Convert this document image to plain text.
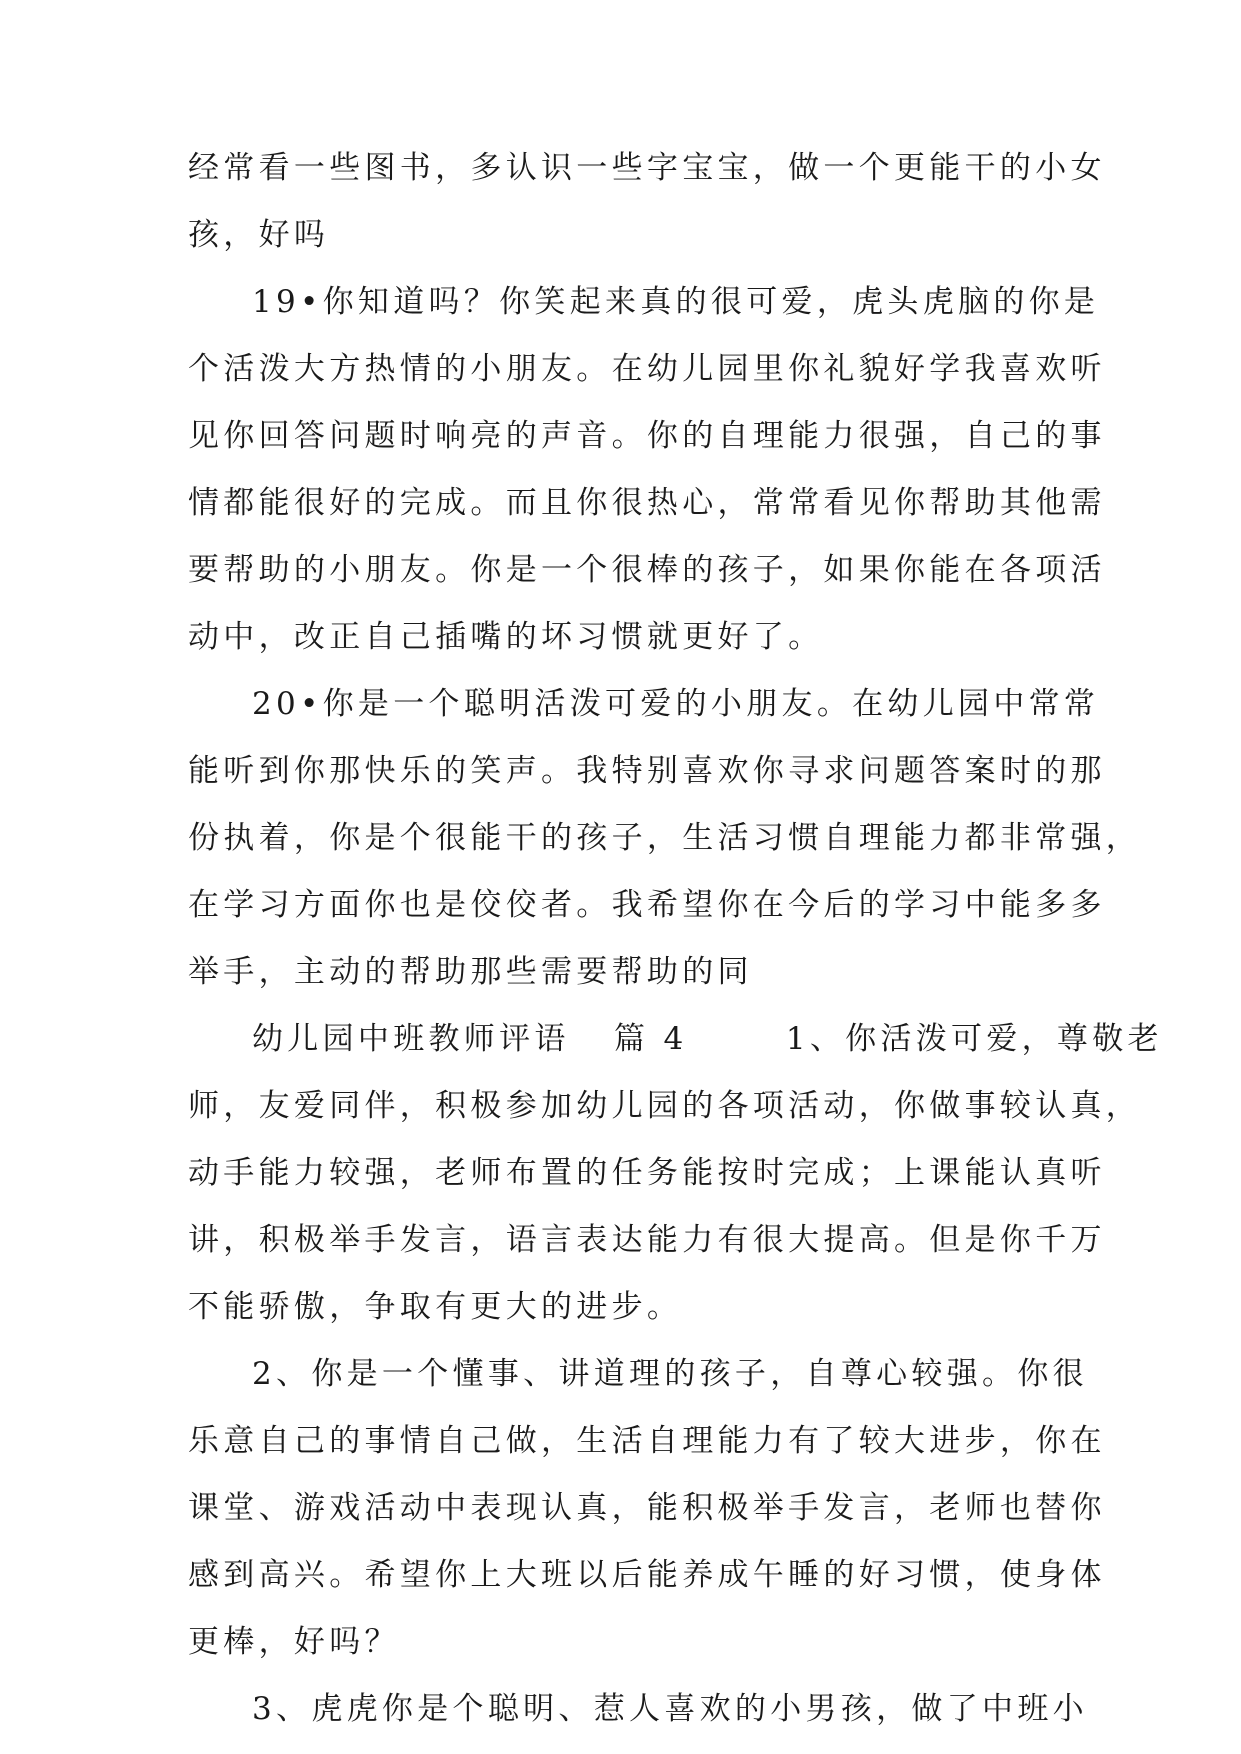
经常看一些图书，多认识一些字宝宝，做一个更能干的小女
孩，好吗
19•你知道吗？你笑起来真的很可爱，虎头虎脑的你是
个活泼大方热情的小朋友。在幼儿园里你礼貌好学我喜欢听
见你回答问题时响亮的声音。你的自理能力很强，自己的事
情都能很好的完成。而且你很热心，常常看见你帮助其他需
要帮助的小朋友。你是一个很棒的孩子，如果你能在各项活
动中，改正自己插嘴的坏习惯就更好了。
20•你是一个聪明活泼可爱的小朋友。在幼儿园中常常
能听到你那快乐的笑声。我特别喜欢你寻求问题答案时的那
份执着，你是个很能干的孩子，生活习惯自理能力都非常强，
在学习方面你也是佼佼者。我希望你在今后的学习中能多多
举手，主动的帮助那些需要帮助的同
幼儿园中班教师评语 篇 4	1、你活泼可爱，尊敬老
师，友爱同伴，积极参加幼儿园的各项活动，你做事较认真，
动手能力较强，老师布置的任务能按时完成；上课能认真听
讲，积极举手发言，语言表达能力有很大提高。但是你千万
不能骄傲，争取有更大的进步。
2、你是一个懂事、讲道理的孩子，自尊心较强。你很
乐意自己的事情自己做，生活自理能力有了较大进步，你在
课堂、游戏活动中表现认真，能积极举手发言，老师也替你
感到高兴。希望你上大班以后能养成午睡的好习惯，使身体
更棒，好吗？
3、虎虎你是个聪明、惹人喜欢的小男孩，做了中班小
